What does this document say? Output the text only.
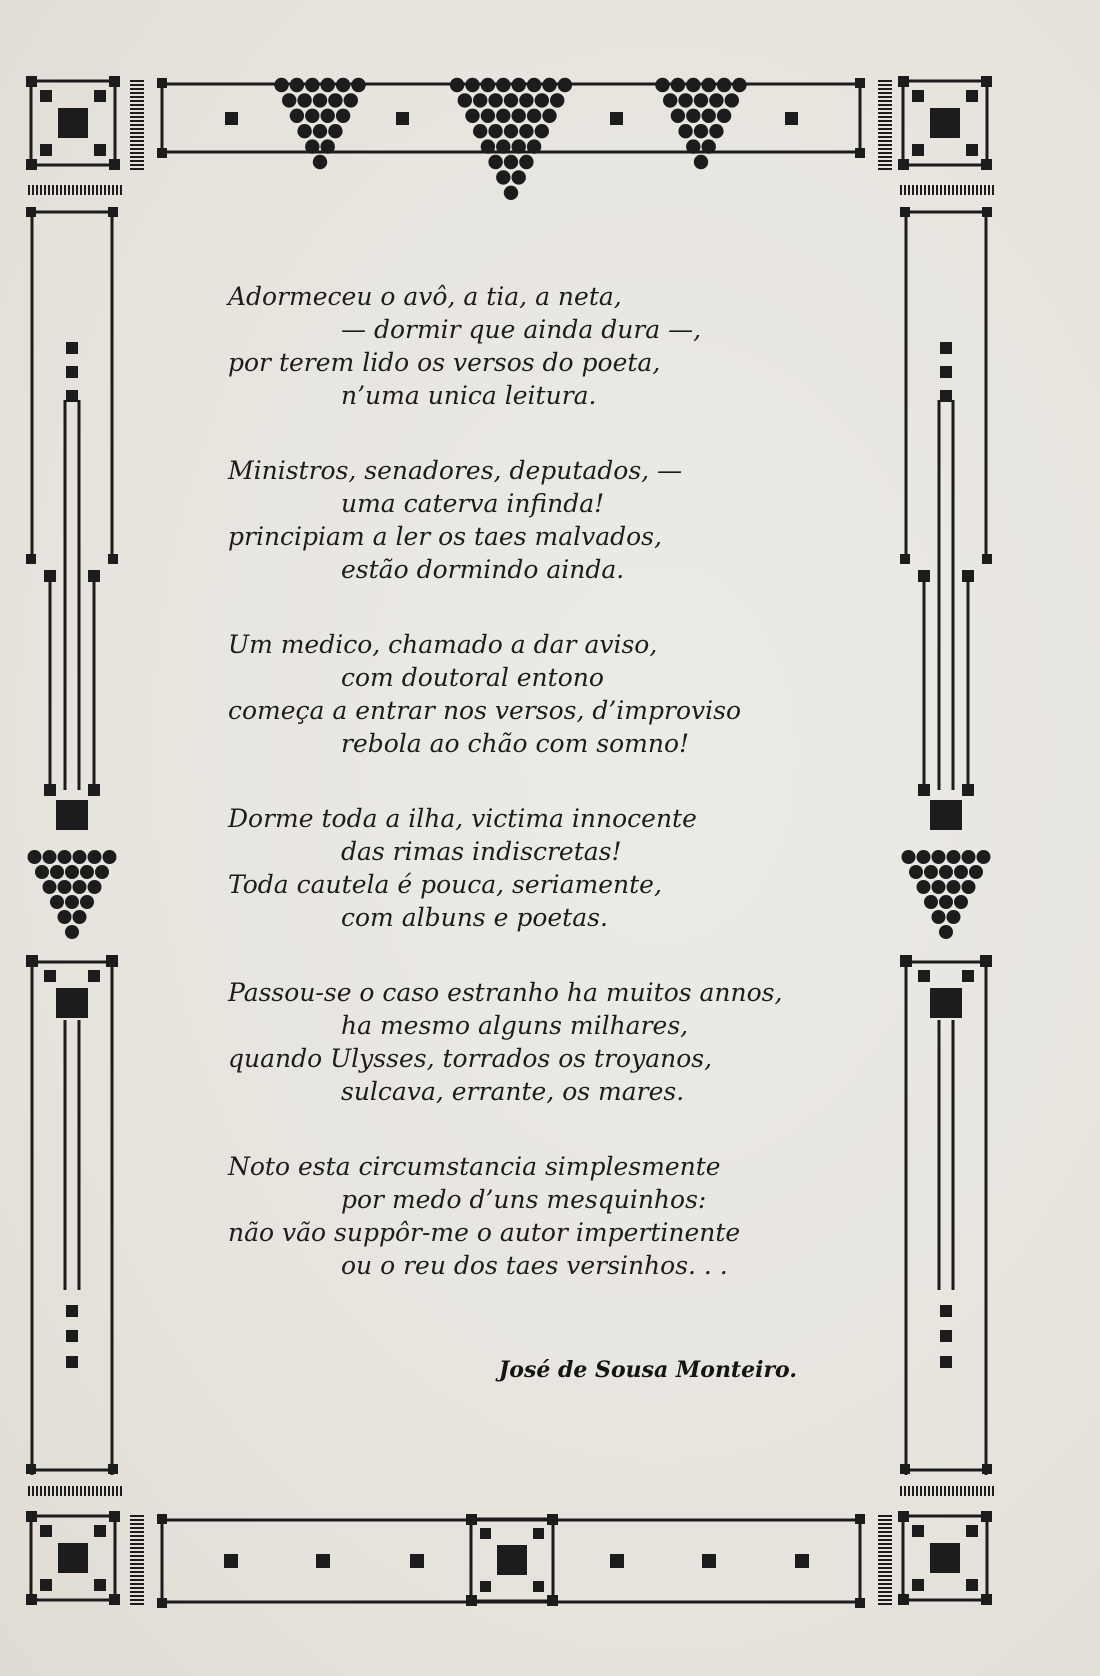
Adormeceu o avô, a tia, a neta,
— dormir que ainda dura —,
por terem lido os versos do poeta,
n’uma unica leitura.
Ministros, senadores, deputados, —
uma caterva infinda!
principiam a ler os taes malvados,
estão dormindo ainda.
Um medico, chamado a dar aviso,
com doutoral entono
começa a entrar nos versos, d’improviso
rebola ao chão com somno!
Dorme toda a ilha, victima innocente
das rimas indiscretas!
Toda cautela é pouca, seriamente,
com albuns e poetas.
Passou-se o caso estranho ha muitos annos,
ha mesmo alguns milhares,
quando Ulysses, torrados os troyanos,
sulcava, errante, os mares.
Noto esta circumstancia simplesmente
por medo d’uns mesquinhos:
não vão suppôr-me o autor impertinente
ou o reu dos taes versinhos. . .
José de Sousa Monteiro.
